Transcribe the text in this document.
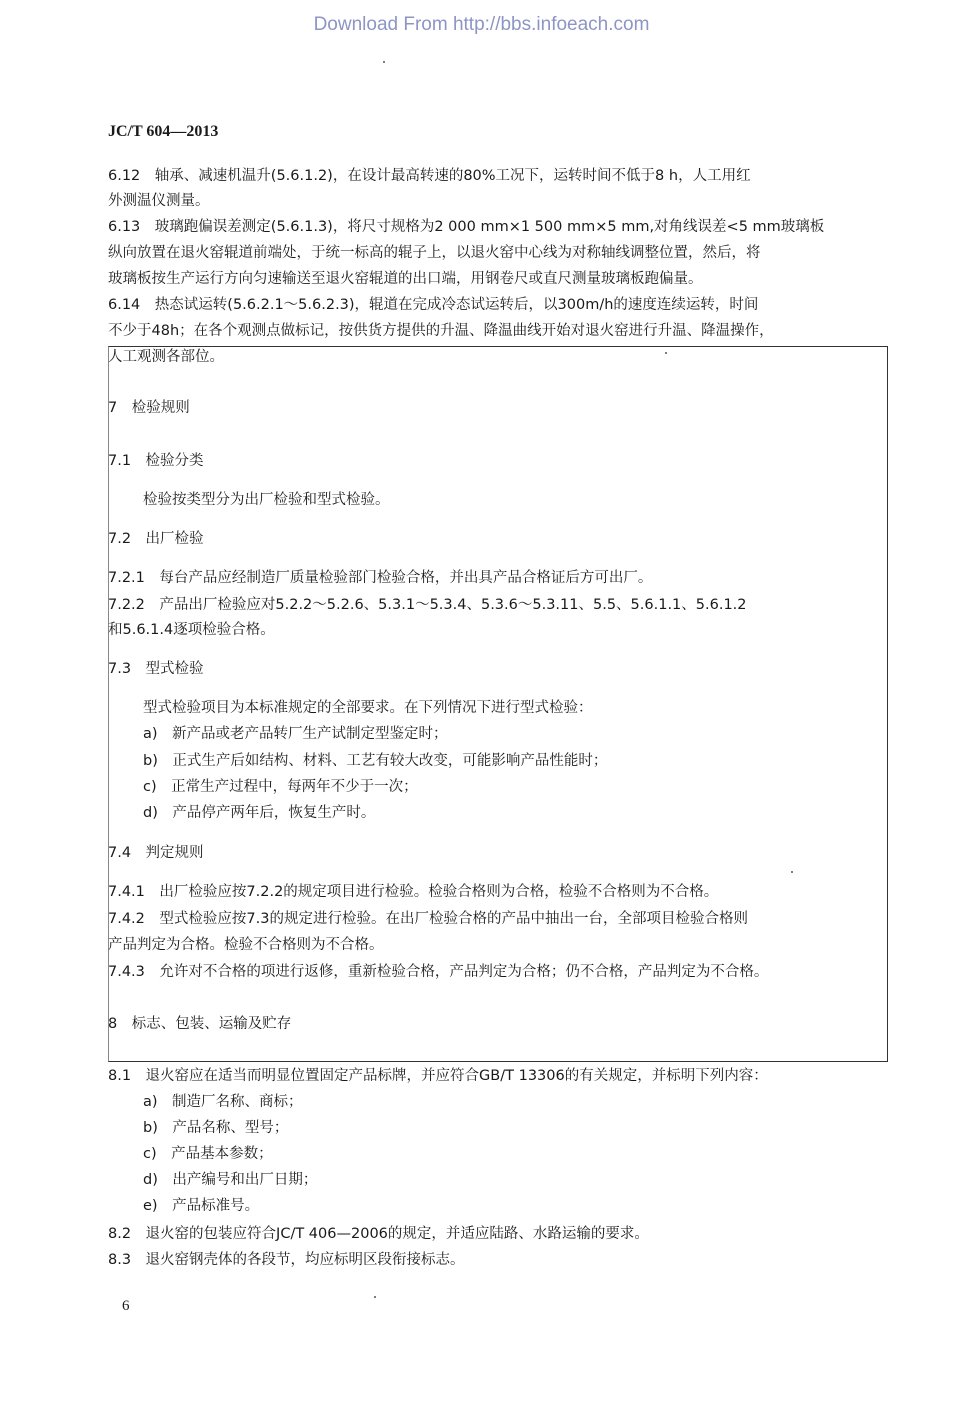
Download From http://bbs.infoeach.com
JC/T 604—2013
6.12　轴承、减速机温升(5.6.1.2)，在设计最高转速的80%工况下，运转时间不低于8 h，人工用红
外测温仪测量。
6.13　玻璃跑偏误差测定(5.6.1.3)，将尺寸规格为2 000 mm×1 500 mm×5 mm,对角线误差<5 mm玻璃板
纵向放置在退火窑辊道前端处，于统一标高的辊子上，以退火窑中心线为对称轴线调整位置，然后，将
玻璃板按生产运行方向匀速输送至退火窑辊道的出口端，用钢卷尺或直尺测量玻璃板跑偏量。
6.14　热态试运转(5.6.2.1～5.6.2.3)，辊道在完成冷态试运转后，以300m/h的速度连续运转，时间
不少于48h；在各个观测点做标记，按供货方提供的升温、降温曲线开始对退火窑进行升温、降温操作，
人工观测各部位。
7　检验规则
7.1　检验分类
检验按类型分为出厂检验和型式检验。
7.2　出厂检验
7.2.1　每台产品应经制造厂质量检验部门检验合格，并出具产品合格证后方可出厂。
7.2.2　产品出厂检验应对5.2.2～5.2.6、5.3.1～5.3.4、5.3.6～5.3.11、5.5、5.6.1.1、5.6.1.2
和5.6.1.4逐项检验合格。
7.3　型式检验
型式检验项目为本标准规定的全部要求。在下列情况下进行型式检验：
a)　新产品或老产品转厂生产试制定型鉴定时；
b)　正式生产后如结构、材料、工艺有较大改变，可能影响产品性能时；
c)　正常生产过程中，每两年不少于一次；
d)　产品停产两年后，恢复生产时。
7.4　判定规则
7.4.1　出厂检验应按7.2.2的规定项目进行检验。检验合格则为合格，检验不合格则为不合格。
7.4.2　型式检验应按7.3的规定进行检验。在出厂检验合格的产品中抽出一台，全部项目检验合格则
产品判定为合格。检验不合格则为不合格。
7.4.3　允许对不合格的项进行返修，重新检验合格，产品判定为合格；仍不合格，产品判定为不合格。
8　标志、包装、运输及贮存
8.1　退火窑应在适当而明显位置固定产品标牌，并应符合GB/T 13306的有关规定，并标明下列内容：
a)　制造厂名称、商标；
b)　产品名称、型号；
c)　产品基本参数；
d)　出产编号和出厂日期；
e)　产品标准号。
8.2　退火窑的包装应符合JC/T 406—2006的规定，并适应陆路、水路运输的要求。
8.3　退火窑钢壳体的各段节，均应标明区段衔接标志。
6
